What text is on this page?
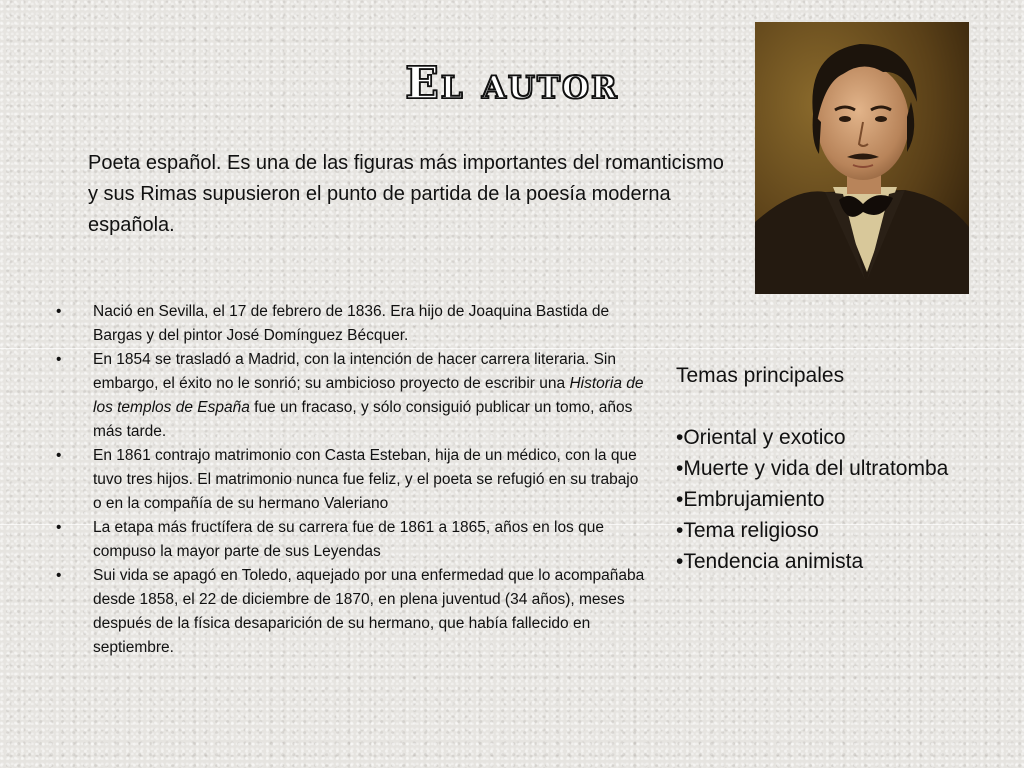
El autor
Poeta español. Es una de las figuras más importantes del romanticismo y sus Rimas supusieron el punto de partida de la poesía moderna española.
• Nació en Sevilla, el 17 de febrero de 1836. Era hijo de Joaquina Bastida de Bargas y del pintor José Domínguez Bécquer.
• En 1854 se trasladó a Madrid, con la intención de hacer carrera literaria. Sin embargo, el éxito no le sonrió; su ambicioso proyecto de escribir una Historia de los templos de España fue un fracaso, y sólo consiguió publicar un tomo, años más tarde.
• En 1861 contrajo matrimonio con Casta Esteban, hija de un médico, con la que tuvo tres hijos. El matrimonio nunca fue feliz, y el poeta se refugió en su trabajo o en la compañía de su hermano Valeriano
• La etapa más fructífera de su carrera fue de 1861 a 1865, años en los que compuso la mayor parte de sus Leyendas
• Sui vida se apagó en Toledo, aquejado por una enfermedad que lo acompañaba desde 1858, el 22 de diciembre de 1870, en plena juventud (34 años), meses después de la física desaparición de su hermano, que había fallecido en septiembre.
Temas principales
•Oriental y exotico
•Muerte y vida del ultratomba
•Embrujamiento
•Tema religioso
•Tendencia animista
